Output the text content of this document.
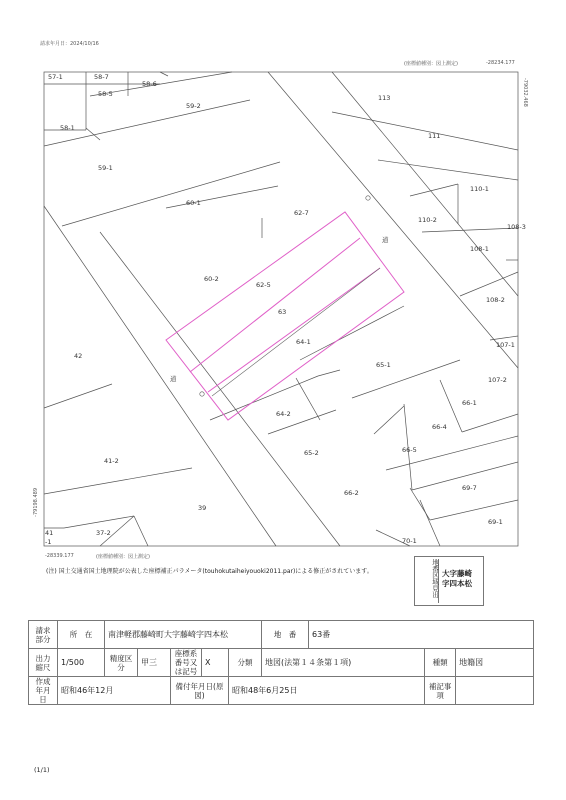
請求年月日：2024/10/16
(座標値種別：図上測定)	-28234.177
-79032.468
-79198.489
-28339.177	(座標値種別：図上測定)
57-1	58-7
58-6
58-5
59-2
113
58-1
111
59-1
110-1
60-1
62-7
110-2
108-1
108-3
60-2
62-5
63
108-2
64-1	107-1
42
65-1
107-2
66-1
64-2
66-4
66-5
65-2
41-2
66-2
69-7
39
69-1
41
-1
37-2
70-1
道
道
(注) 国土交通省国土地理院が公表した座標補正パラメータ(touhokutaiheiyouoki2011.par)による修正がされています。	地番区域見出 大字藤崎
字四本松
請求部分	所　在	南津軽郡藤崎町大字藤崎字四本松					地　番	63番		
出力縮尺	1/500	精度区分	甲三	座標系番号又は記号	X	分類	地図(法第１４条第１項)		種類	地籍図
作成年月日	昭和46年12月			備付年月日(原図)		昭和48年6月25日			補記事項	
(1/1)
